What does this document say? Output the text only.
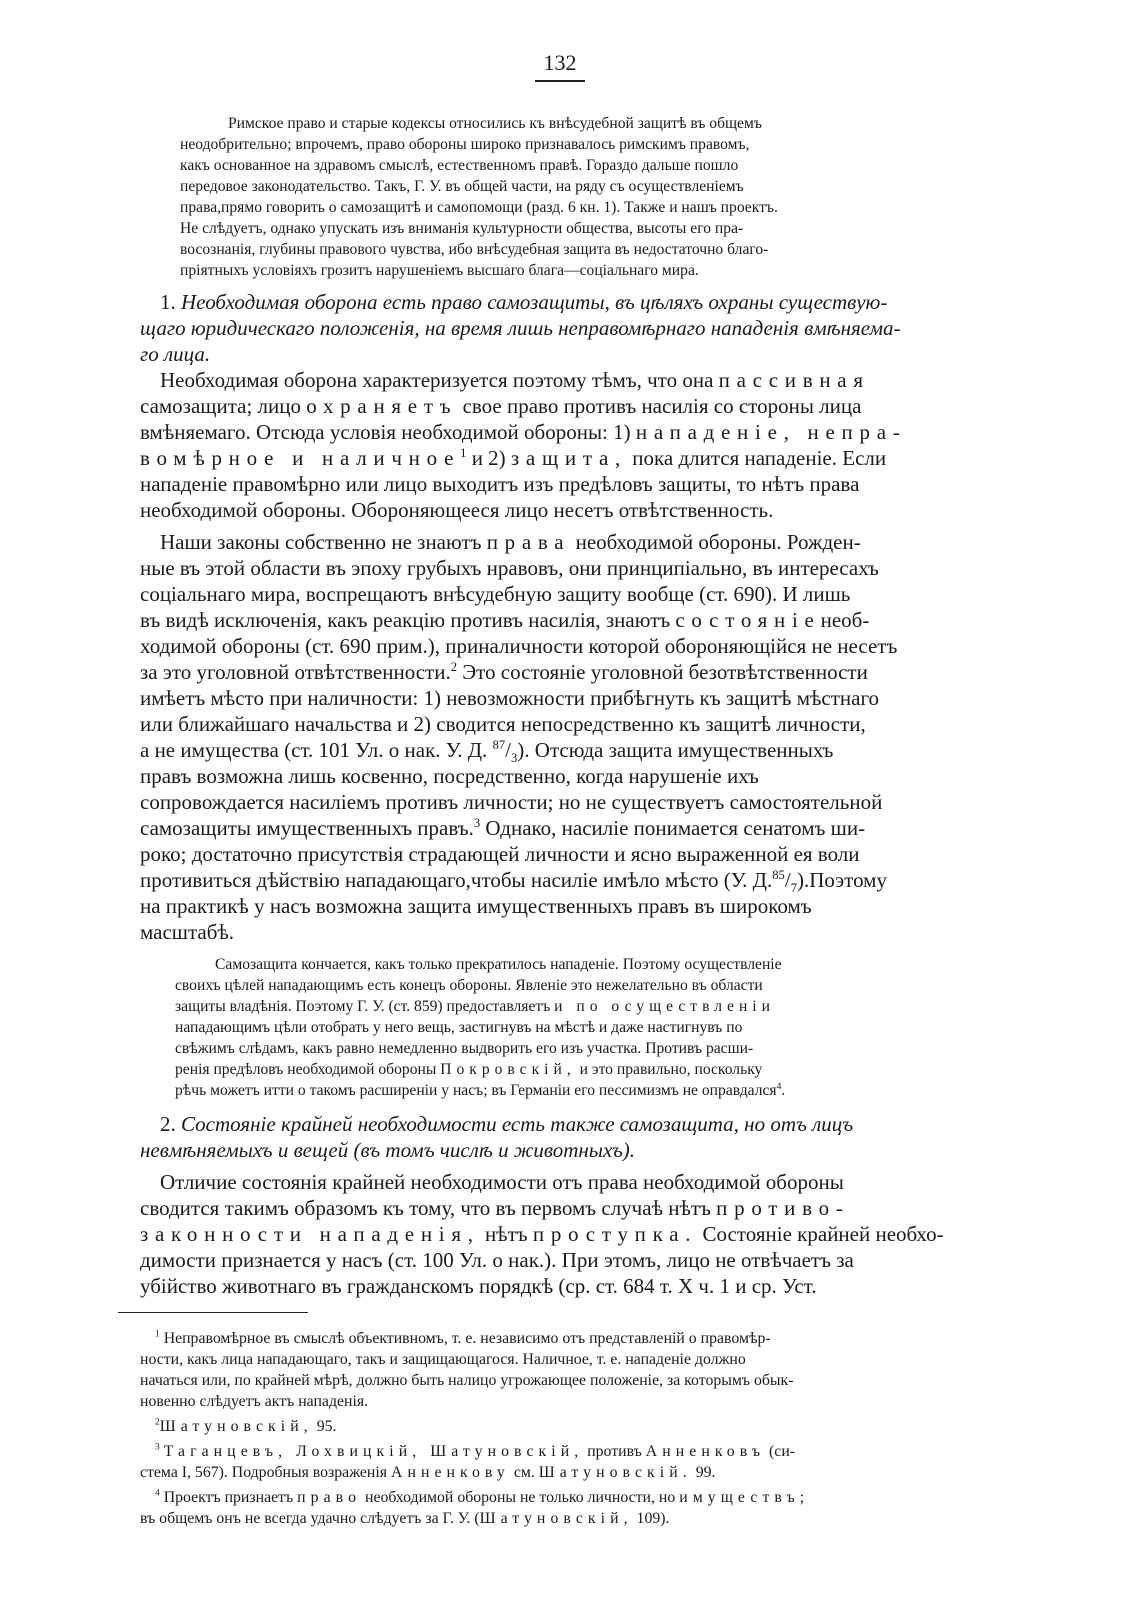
132
Римское право и старые кодексы относились къ внѣсудебной защитѣ въ общемъ
неодобрительно; впрочемъ, право обороны широко признавалось римскимъ правомъ,
какъ основанное на здравомъ смыслѣ, естественномъ правѣ. Гораздо дальше пошло
передовое законодательство. Такъ, Г. У. въ общей части, на ряду съ осуществленіемъ
права,прямо говорить о самозащитѣ и самопомощи (разд. 6 кн. 1). Также и нашъ проектъ.
Не слѣдуетъ, однако упускать изъ вниманія культурности общества, высоты его пра-
восознанія, глубины правового чувства, ибо внѣсудебная защита въ недостаточно благо-
пріятныхъ условіяхъ грозитъ нарушеніемъ высшаго блага—соціальнаго мира.
1. Необходимая оборона есть право самозащиты, въ цѣляхъ охраны существую-
щаго юридическаго положенія, на время лишь неправомѣрнаго нападенія вмѣняема-
го лица.
Необходимая оборона характеризуется поэтому тѣмъ, что она пассивная
самозащита; лицо охраняетъ свое право противъ насилія со стороны лица
вмѣняемаго. Отсюда условія необходимой обороны: 1) нападеніе, непра-
вомѣрное и наличное$^1$ и 2) защита, пока длится нападеніе. Если
нападеніе правомѣрно или лицо выходитъ изъ предѣловъ защиты, то нѣтъ права
необходимой обороны. Обороняющееся лицо несетъ отвѣтственность.
Наши законы собственно не знаютъ права необходимой обороны. Рожден-
ные въ этой области въ эпоху грубыхъ нравовъ, они принципіально, въ интересахъ
соціальнаго мира, воспрещаютъ внѣсудебную защиту вообще (ст. 690). И лишь
въ видѣ исключенія, какъ реакцію противъ насилія, знаютъ состояніенеоб-
ходимой обороны (ст. 690 прим.), приналичности которой обороняющійся не несетъ
за это уголовной отвѣтственности.$^2$ Это состояніе уголовной безотвѣтственности
имѣетъ мѣсто при наличности: 1) невозможности прибѣгнуть къ защитѣ мѣстнаго
или ближайшаго начальства и 2) сводится непосредственно къ защитѣ личности,
а не имущества (ст. 101 Ул. о нак. У. Д. $^{87}/_3$). Отсюда защита имущественныхъ
правъ возможна лишь косвенно, посредственно, когда нарушеніе ихъ
сопровождается насиліемъ противъ личности; но не существуетъ самостоятельной
самозащиты имущественныхъ правъ.$^3$ Однако, насиліе понимается сенатомъ ши-
роко; достаточно присутствія страдающей личности и ясно выраженной ея воли
противиться дѣйствію нападающаго,чтобы насиліе имѣло мѣсто (У. $Д.^{85}/_7).Поэтому$
на практикѣ у насъ возможна защита имущественныхъ правъ въ широкомъ
масштабѣ.
Самозащита кончается, какъ только прекратилось нападеніе. Поэтому осуществленіе
своихъ цѣлей нападающимъ есть конецъ обороны. Явленіе это нежелательно въ области
защиты владѣнія. Поэтому Г. У. (ст. 859) предоставляетъ и по осуществленіи
нападающимъ цѣли отобрать у него вещь, застигнувъ на мѣстѣ и даже настигнувъ по
свѣжимъ слѣдамъ, какъ равно немедленно выдворить его изъ участка. Противъ расши-
ренія предѣловъ необходимой обороны Покровскій, и это правильно, поскольку
рѣчь можетъ итти о такомъ расширеніи у насъ; въ Германіи его пессимизмъ не оправдался$^4$.
2. Состояніе крайней необходимости есть также самозащита, но отъ лицъ
невмѣняемыхъ и вещей (въ томъ числѣ и животныхъ).
Отличие состоянія крайней необходимости отъ права необходимой обороны
сводится такимъ образомъ къ тому, что въ первомъ случаѣ нѣтъ противо-
законности нападенія, нѣтъ проступка. Состояніе крайней необхо-
димости признается у насъ (ст. 100 Ул. о нак.). При этомъ, лицо не отвѣчаетъ за
убійство животнаго въ гражданскомъ порядкѣ (ср. ст. 684 т. X ч. 1 и ср. Уст.
$^1$ Неправомѣрное въ смыслѣ объективномъ, т. е. независимо отъ представленій о правомѣр-
ности, какъ лица нападающаго, такъ и защищающагося. Наличное, т. е. нападеніе должно
начаться или, по крайней мѣрѣ, должно быть налицо угрожающее положеніе, за которымъ обык-
новенно слѣдуетъ актъ нападенія.
$^2$Шатуновскій, 95.
$^3$ Таганцевъ, Лохвицкій, Шатуновскій, противъ Анненковъ (си-
стема I, 567). Подробныя возраженія Анненкову см. Шатуновскій. 99.
$^4$ Проектъ признаетъ право необходимой обороны не только личности, но имуществъ;
въ общемъ онъ не всегда удачно слѣдуетъ за Г. У. (Шатуновскій, 109).
